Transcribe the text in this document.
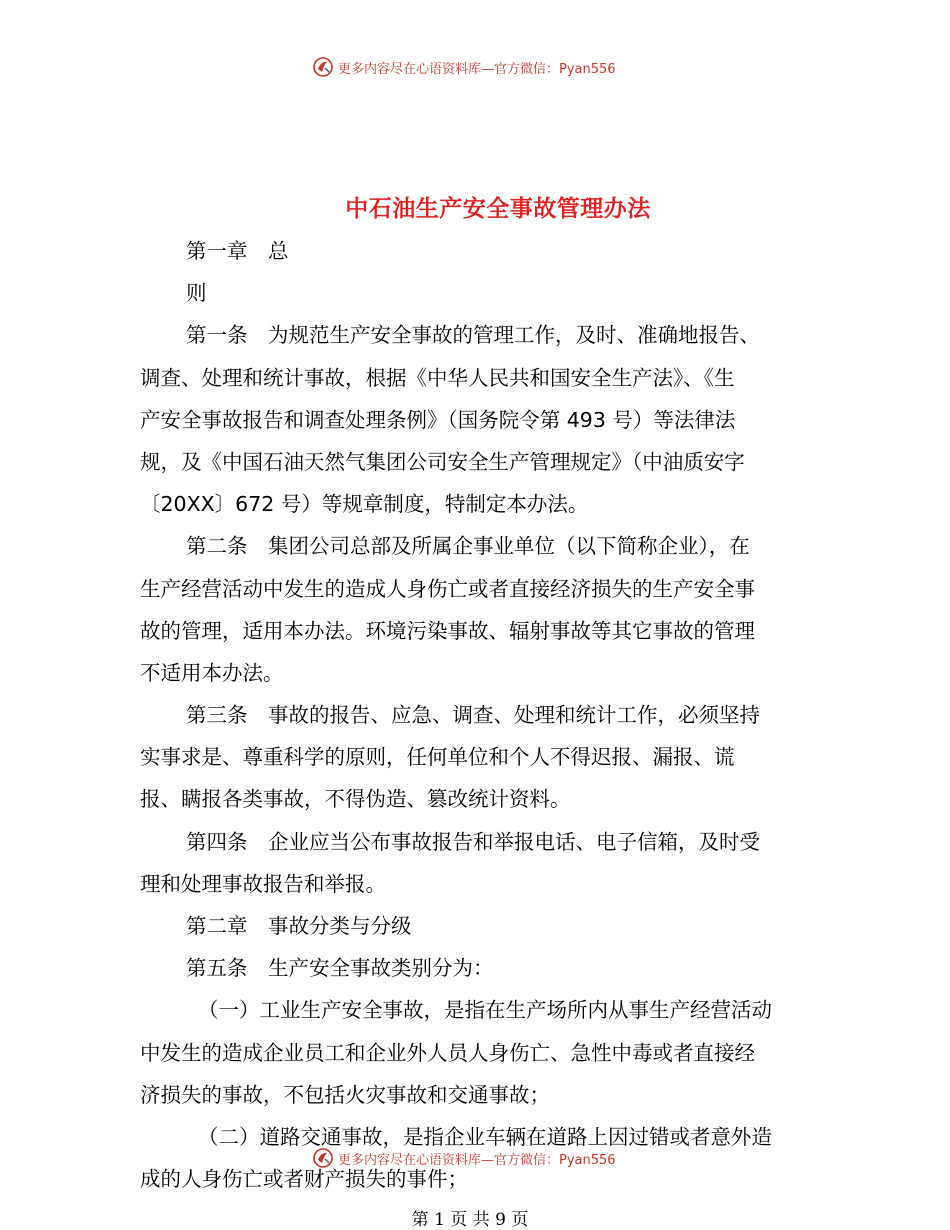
更多内容尽在心语资料库— 官方微信：Pyan556
中石油生产安全事故管理办法
第一章　总
则
第一条　为规范生产安全事故的管理工作，及时、准确地报告、
调查、处理和统计事故，根据《中华人民共和国安全生产法》、《生
产安全事故报告和调查处理条例》（国务院令第 493 号）等法律法
规，及《中国石油天然气集团公司安全生产管理规定》（中油质安字
〔20XX〕672 号）等规章制度，特制定本办法。
第二条　集团公司总部及所属企事业单位（以下简称企业），在
生产经营活动中发生的造成人身伤亡或者直接经济损失的生产安全事
故的管理，适用本办法。环境污染事故、辐射事故等其它事故的管理
不适用本办法。
第三条　事故的报告、应急、调查、处理和统计工作，必须坚持
实事求是、尊重科学的原则，任何单位和个人不得迟报、漏报、谎
报、瞒报各类事故，不得伪造、篡改统计资料。
第四条　企业应当公布事故报告和举报电话、电子信箱，及时受
理和处理事故报告和举报。
第二章　事故分类与分级
第五条　生产安全事故类别分为：
（一）工业生产安全事故，是指在生产场所内从事生产经营活动
中发生的造成企业员工和企业外人员人身伤亡、急性中毒或者直接经
济损失的事故，不包括火灾事故和交通事故；
（二）道路交通事故，是指企业车辆在道路上因过错或者意外造
成的人身伤亡或者财产损失的事件；
更多内容尽在心语资料库— 官方微信：Pyan556
第 1 页 共 9 页
